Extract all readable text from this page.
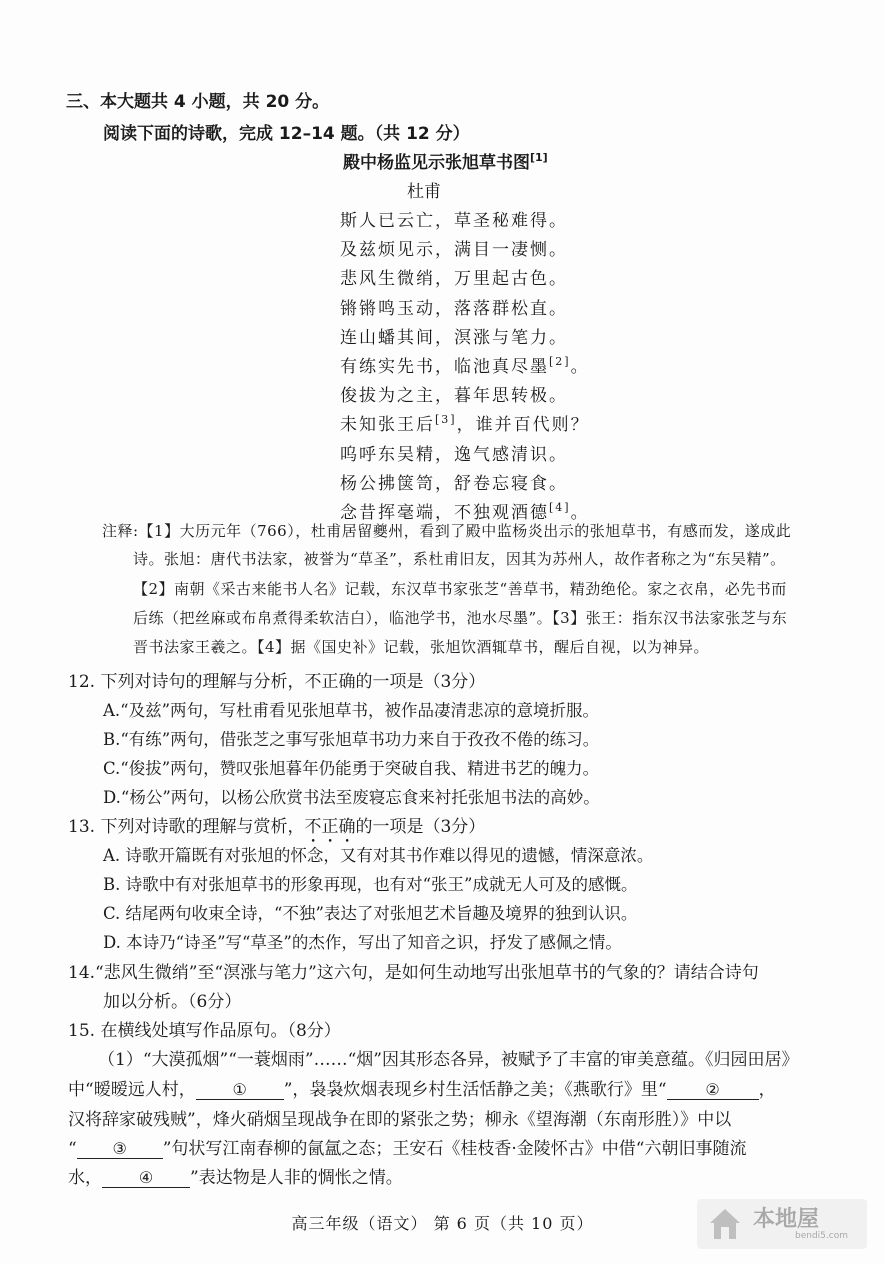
三、本大题共 4 小题，共 20 分。
阅读下面的诗歌，完成 12–14 题。（共 12 分）
殿中杨监见示张旭草书图[1]
杜甫
斯人已云亡，草圣秘难得。
及兹烦见示，满目一凄恻。
悲风生微绡，万里起古色。
锵锵鸣玉动，落落群松直。
连山蟠其间，溟涨与笔力。
有练实先书，临池真尽墨[2]。
俊拔为之主，暮年思转极。
未知张王后[3]，谁并百代则？
呜呼东吴精，逸气感清识。
杨公拂箧笥，舒卷忘寝食。
念昔挥毫端，不独观酒德[4]。
注释:【1】大历元年（766），杜甫居留夔州，看到了殿中监杨炎出示的张旭草书，有感而发，遂成此
诗。张旭：唐代书法家，被誉为“草圣”，系杜甫旧友，因其为苏州人，故作者称之为“东吴精”。
【2】南朝《采古来能书人名》记载，东汉草书家张芝“善草书，精劲绝伦。家之衣帛，必先书而
后练（把丝麻或布帛煮得柔软洁白），临池学书，池水尽墨”。【3】张王：指东汉书法家张芝与东
晋书法家王羲之。【4】据《国史补》记载，张旭饮酒辄草书，醒后自视，以为神异。
12. 下列对诗句的理解与分析，不正确的一项是（3分）
A.“及兹”两句，写杜甫看见张旭草书，被作品凄清悲凉的意境折服。
B.“有练”两句，借张芝之事写张旭草书功力来自于孜孜不倦的练习。
C.“俊拔”两句，赞叹张旭暮年仍能勇于突破自我、精进书艺的魄力。
D.“杨公”两句，以杨公欣赏书法至废寝忘食来衬托张旭书法的高妙。
13. 下列对诗歌的理解与赏析，不正确的一项是（3分）
A. 诗歌开篇既有对张旭的怀念，又有对其书作难以得见的遗憾，情深意浓。
B. 诗歌中有对张旭草书的形象再现，也有对“张王”成就无人可及的感慨。
C. 结尾两句收束全诗，“不独”表达了对张旭艺术旨趣及境界的独到认识。
D. 本诗乃“诗圣”写“草圣”的杰作，写出了知音之识，抒发了感佩之情。
14.“悲风生微绡”至“溟涨与笔力”这六句，是如何生动地写出张旭草书的气象的？请结合诗句
加以分析。（6分）
15. 在横线处填写作品原句。（8分）
（1）“大漠孤烟”“一蓑烟雨”……“烟”因其形态各异，被赋予了丰富的审美意蕴。《归园田居》
中“暧暧远人村， ① ”，袅袅炊烟表现乡村生活恬静之美；《燕歌行》里“ ② ，
汉将辞家破残贼”，烽火硝烟呈现战争在即的紧张之势；柳永《望海潮（东南形胜）》中以
“ ③ ”句状写江南春柳的氤氲之态；王安石《桂枝香·金陵怀古》中借“六朝旧事随流
水， ④ ”表达物是人非的惆怅之情。
高三年级（语文） 第 6 页（共 10 页）	本地屋
bendi5.com
